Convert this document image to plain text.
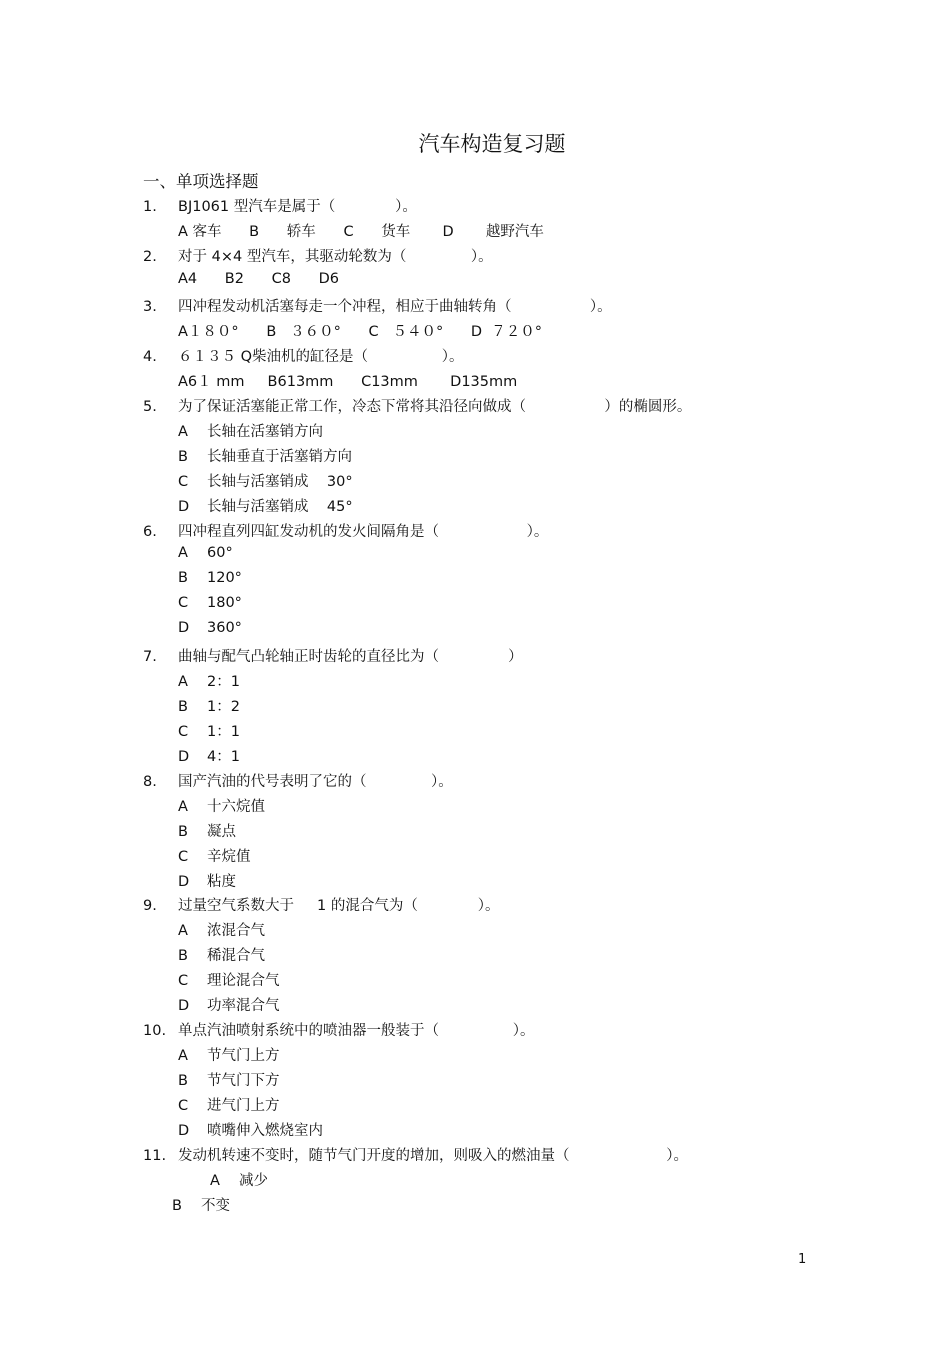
汽车构造复习题
一、单项选择题
1. BJ1061 型汽车是属于（             ）。
A 客车      B      轿车      C      货车       D       越野汽车
2. 对于 4×4 型汽车，其驱动轮数为（              ）。
A4      B2      C8      D6
3. 四冲程发动机活塞每走一个冲程，相应于曲轴转角（                 ）。
A１８０°      B   ３６０°      C   ５４０°      D  ７２０°
4. ６１３５ Q柴油机的缸径是（                ）。
A6１ mm     B613mm      C13mm       D135mm
5. 为了保证活塞能正常工作，冷态下常将其沿径向做成（                 ）的椭圆形。
A 长轴在活塞销方向
B 长轴垂直于活塞销方向
C 长轴与活塞销成    30°
D 长轴与活塞销成    45°
6. 四冲程直列四缸发动机的发火间隔角是（                   ）。
A 60°
B 120°
C 180°
D 360°
7. 曲轴与配气凸轮轴正时齿轮的直径比为（               ）
A 2：1
B 1：2
C 1：1
D 4：1
8. 国产汽油的代号表明了它的（              ）。
A 十六烷值
B 凝点
C 辛烷值
D 粘度
9. 过量空气系数大于     1 的混合气为（             ）。
A 浓混合气
B 稀混合气
C 理论混合气
D 功率混合气
10. 单点汽油喷射系统中的喷油器一般装于（                ）。
A 节气门上方
B 节气门下方
C 进气门上方
D 喷嘴伸入燃烧室内
11. 发动机转速不变时，随节气门开度的增加，则吸入的燃油量（                     ）。
A 减少
B 不变
1
